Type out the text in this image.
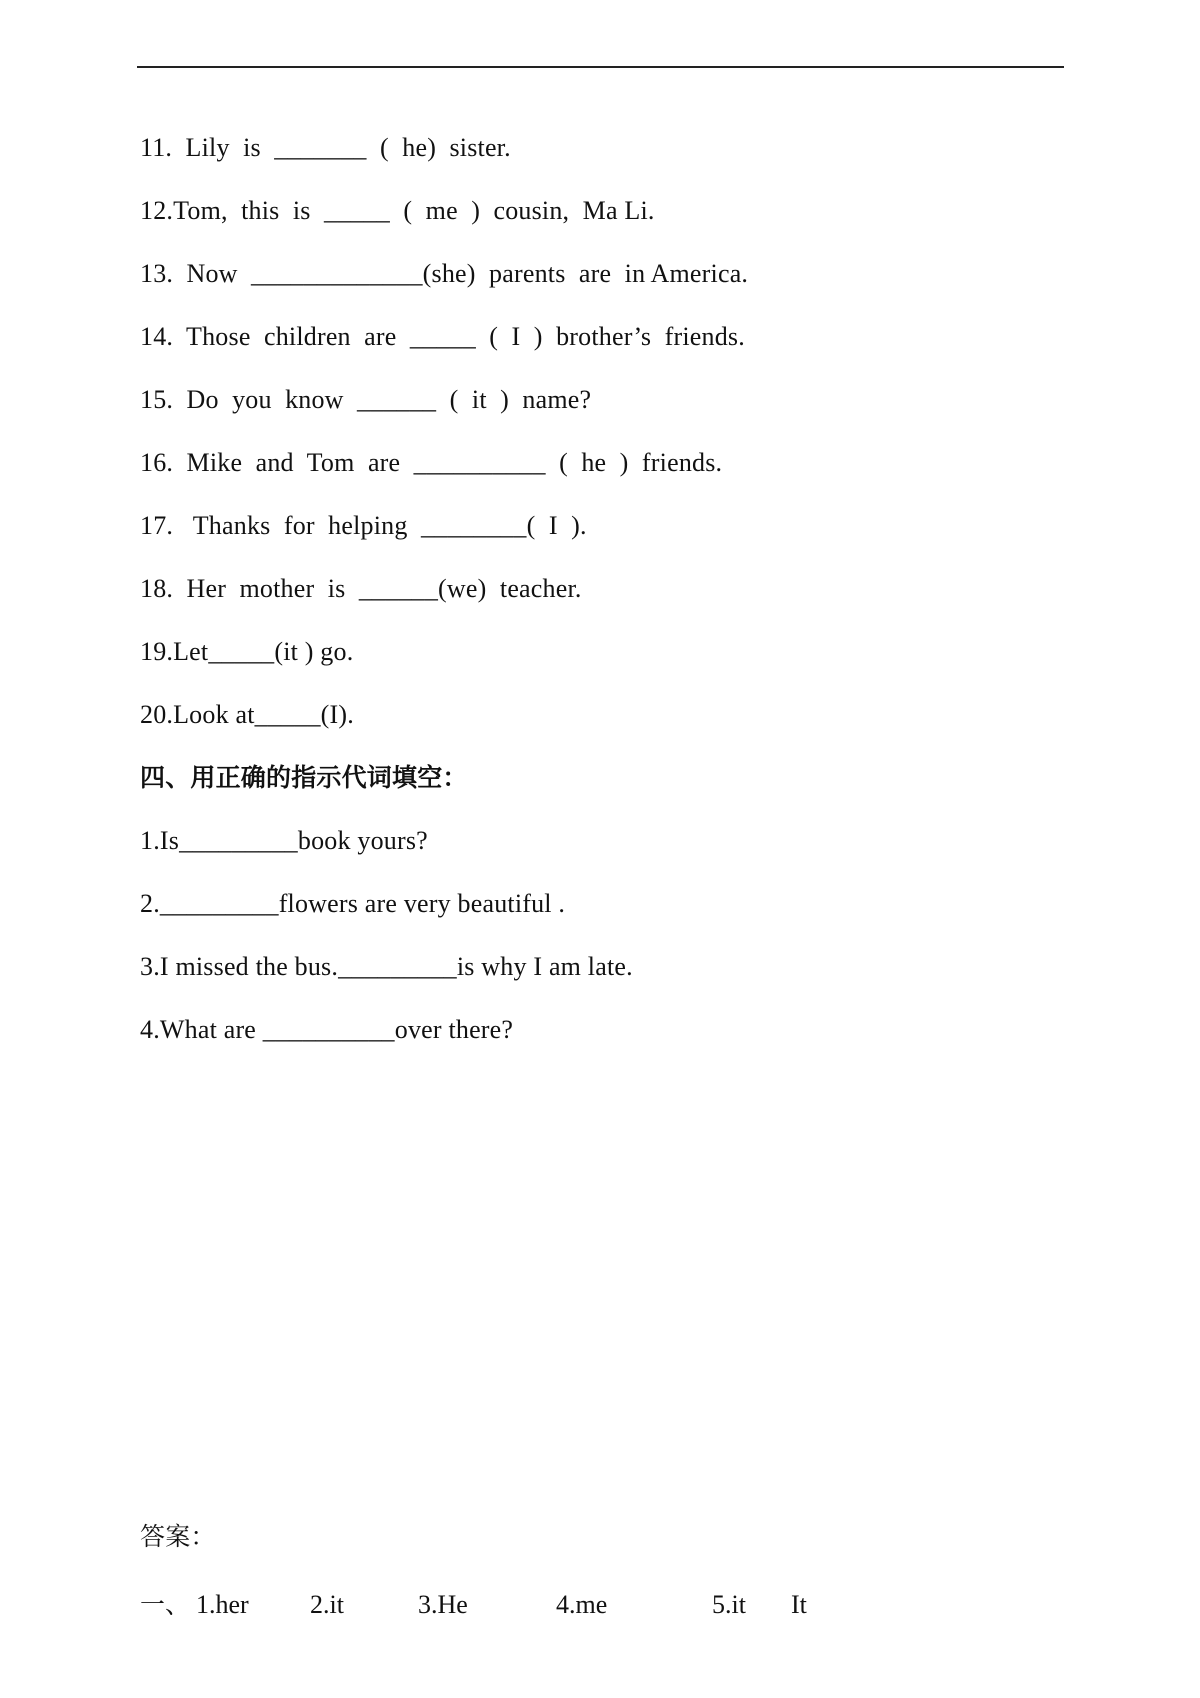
11.  Lily  is  _______  (  he)  sister.
12.Tom,  this  is  _____  (  me  )  cousin,  Ma Li.
13.  Now  _____________(she)  parents  are  in America.
14.  Those  children  are  _____  (  I  )  brother’s  friends.
15.  Do  you  know  ______  (  it  )  name?
16.  Mike  and  Tom  are  __________  (  he  )  friends.
17.   Thanks  for  helping  ________(  I  ).
18.  Her  mother  is  ______(we)  teacher.
19.Let_____(it ) go.
20.Look at_____(I).
四、用正确的指示代词填空：
1.Is_________book yours?
2._________flowers are very beautiful .
3.I missed the bus._________is why I am late.
4.What are __________over there?
答案：
一、 1.her 2.it	3.He	4.me	5.it It
